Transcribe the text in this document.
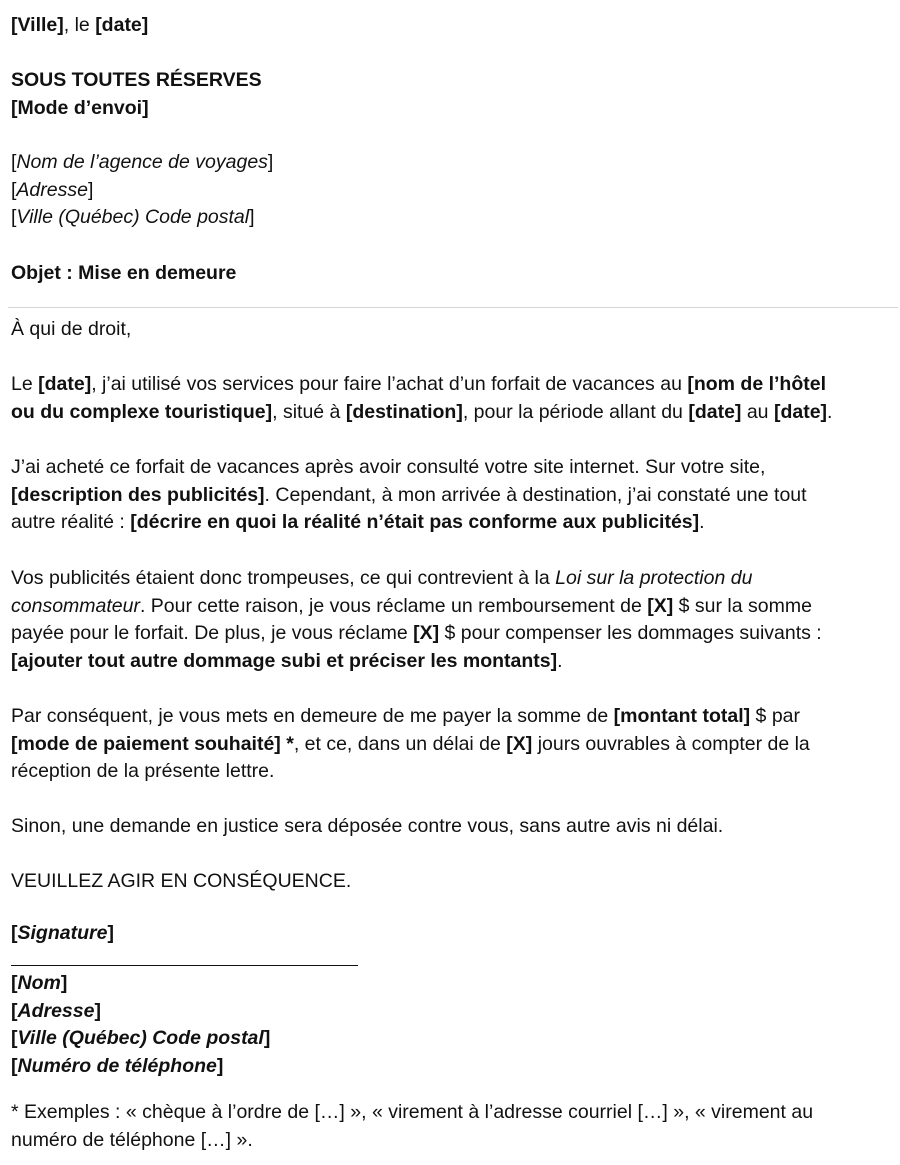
[Ville], le [date]
SOUS TOUTES RÉSERVES
[Mode d’envoi]
[Nom de l’agence de voyages]
[Adresse]
[Ville (Québec) Code postal]
Objet : Mise en demeure
À qui de droit,
Le [date], j’ai utilisé vos services pour faire l’achat d’un forfait de vacances au [nom de l’hôtel
ou du complexe touristique], situé à [destination], pour la période allant du [date] au [date].
J’ai acheté ce forfait de vacances après avoir consulté votre site internet. Sur votre site,
[description des publicités]. Cependant, à mon arrivée à destination, j’ai constaté une tout
autre réalité : [décrire en quoi la réalité n’était pas conforme aux publicités].
Vos publicités étaient donc trompeuses, ce qui contrevient à la Loi sur la protection du
consommateur. Pour cette raison, je vous réclame un remboursement de [X] $ sur la somme
payée pour le forfait. De plus, je vous réclame [X] $ pour compenser les dommages suivants :
[ajouter tout autre dommage subi et préciser les montants].
Par conséquent, je vous mets en demeure de me payer la somme de [montant total] $ par
[mode de paiement souhaité] *, et ce, dans un délai de [X] jours ouvrables à compter de la
réception de la présente lettre.
Sinon, une demande en justice sera déposée contre vous, sans autre avis ni délai.
VEUILLEZ AGIR EN CONSÉQUENCE.
[Signature]
[Nom]
[Adresse]
[Ville (Québec) Code postal]
[Numéro de téléphone]
* Exemples : « chèque à l’ordre de […] », « virement à l’adresse courriel […] », « virement au
numéro de téléphone […] ».
